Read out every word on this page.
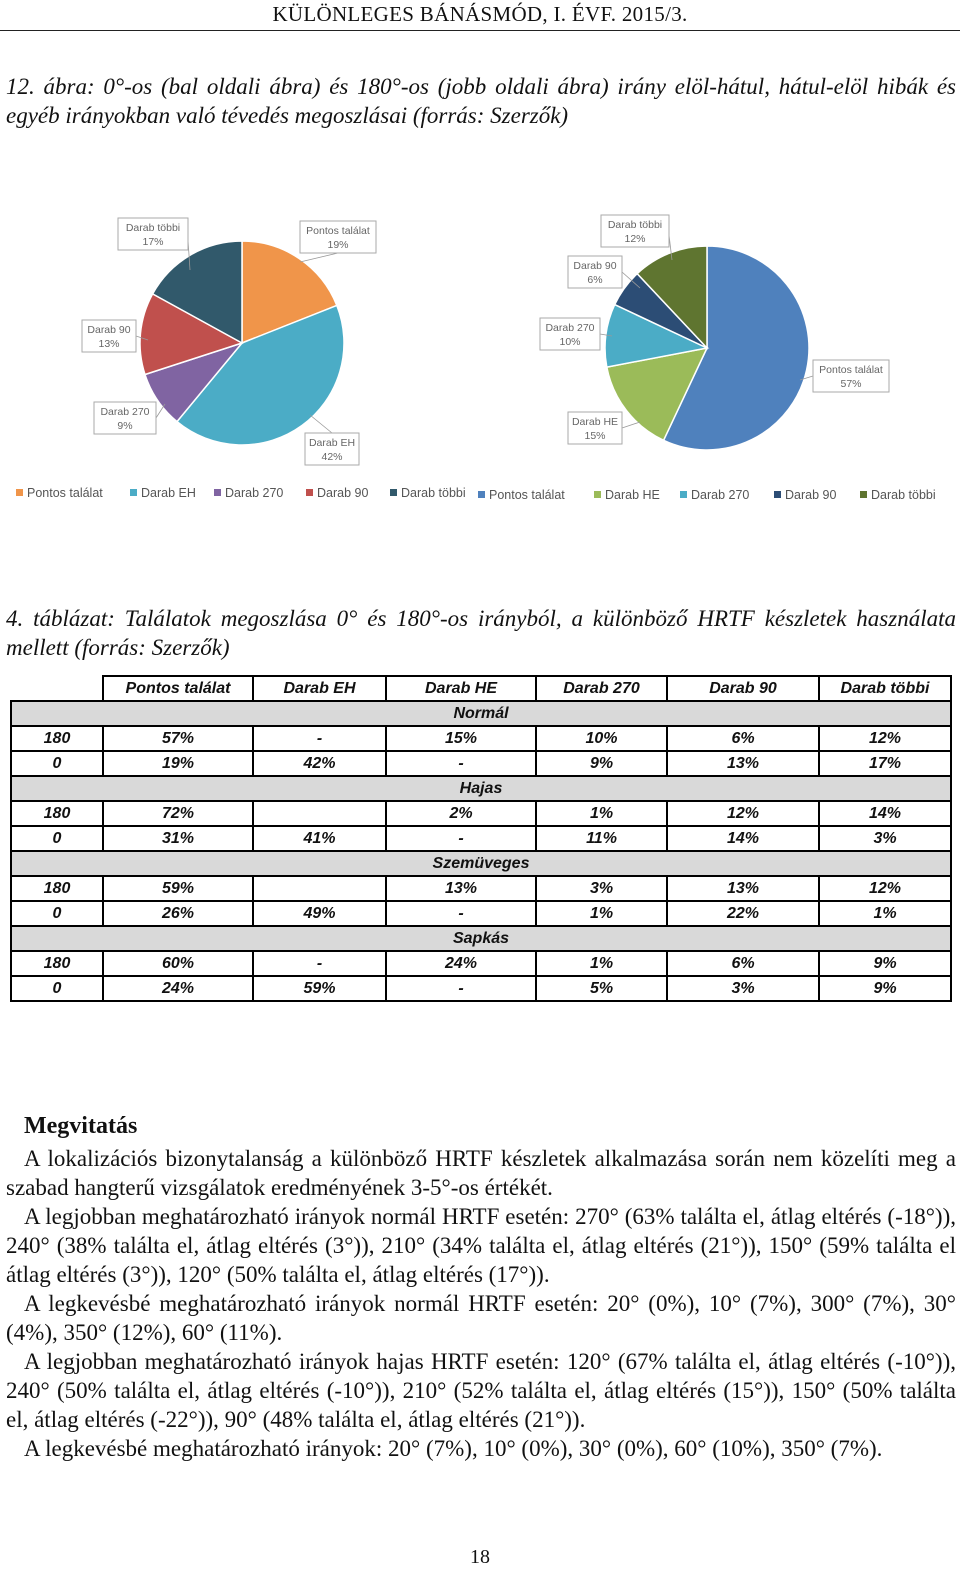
KÜLÖNLEGES BÁNÁSMÓD, I. ÉVF. 2015/3.
12. ábra: 0°-os (bal oldali ábra) és 180°-os (jobb oldali ábra) irány elöl-hátul, hátul-elöl hibák és egyéb irányokban való tévedés megoszlásai (forrás: Szerzők)
Pontos találat
19%
Darab EH
42%
Darab 270
9%
Darab 90
13%
Darab többi
17%
Pontos találat
57%
Darab HE
15%
Darab 270
10%
Darab 90
6%
Darab többi
12%
Pontos találat	Darab EH	Darab 270	Darab 90	Darab többi	Pontos találat	Darab HE	Darab 270	Darab 90	Darab többi
4. táblázat: Találatok megoszlása 0° és 180°-os irányból, a különböző HRTF készletek használata mellett (forrás: Szerzők)
	Pontos találat	Darab EH	Darab HE	Darab 270	Darab 90	Darab többi
Normál						
180	57%	-	15%	10%	6%	12%
0	19%	42%	-	9%	13%	17%
Hajas						
180	72%		2%	1%	12%	14%
0	31%	41%	-	11%	14%	3%
Szemüveges						
180	59%		13%	3%	13%	12%
0	26%	49%	-	1%	22%	1%
Sapkás						
180	60%	-	24%	1%	6%	9%
0	24%	59%	-	5%	3%	9%
Megvitatás
A lokalizációs bizonytalanság a különböző HRTF készletek alkalmazása során nem közelíti meg a szabad hangterű vizsgálatok eredményének 3-5°-os értékét.
A legjobban meghatározható irányok normál HRTF esetén: 270° (63% találta el, átlag eltérés (-18°)), 240° (38% találta el, átlag eltérés (3°)), 210° (34% találta el, átlag eltérés (21°)), 150° (59% találta el átlag eltérés (3°)), 120° (50% találta el, átlag eltérés (17°)).
A legkevésbé meghatározható irányok normál HRTF esetén: 20° (0%), 10° (7%), 300° (7%), 30° (4%), 350° (12%), 60° (11%).
A legjobban meghatározható irányok hajas HRTF esetén: 120° (67% találta el, átlag eltérés (-10°)), 240° (50% találta el, átlag eltérés (-10°)), 210° (52% találta el, átlag eltérés (15°)), 150° (50% találta el, átlag eltérés (-22°)), 90° (48% találta el, átlag eltérés (21°)).
A legkevésbé meghatározható irányok: 20° (7%), 10° (0%), 30° (0%), 60° (10%), 350° (7%).
18
